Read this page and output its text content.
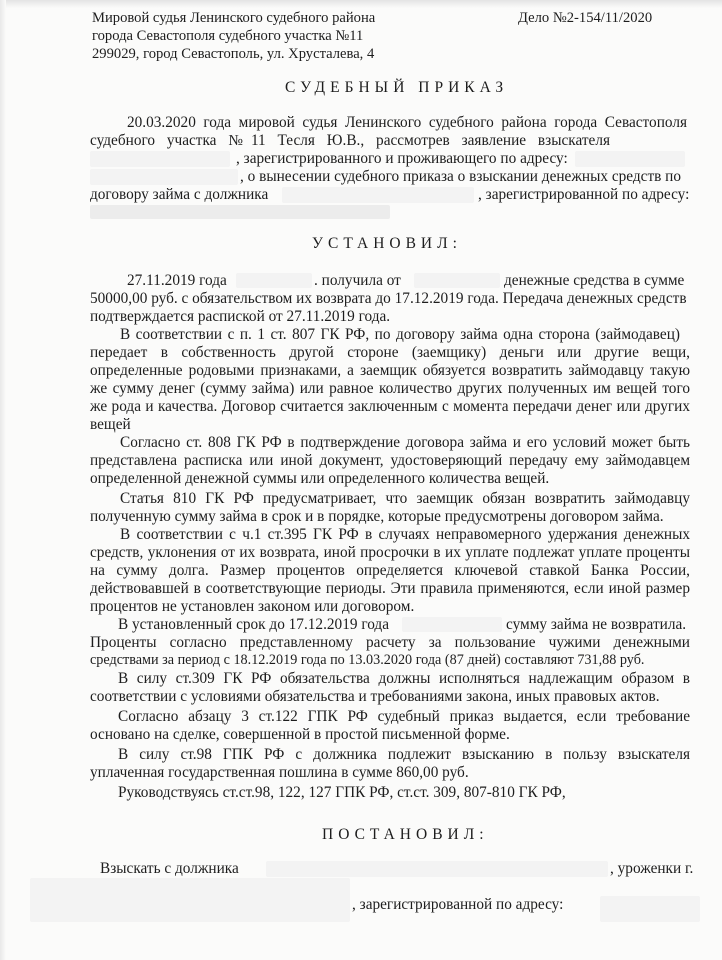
Мировой судья Ленинского судебного района
города Севастополя судебного участка №11
299029, город Севастополь, ул. Хрусталева, 4
Дело №2-154/11/2020
СУДЕБНЫЙ ПРИКАЗ
20.03.2020 года мировой судья Ленинского судебного района города Севастополя
судебного участка №11 Тесля Ю.В., рассмотрев заявление взыскателя
, зарегистрированного и проживающего по адресу:
, о вынесении судебного приказа о взыскании денежных средств по
договору займа с должника	, зарегистрированной по адресу:
УСТАНОВИЛ:
27.11.2019 года	. получила от	денежные средства в сумме
50000,00 руб. с обязательством их возврата до 17.12.2019 года. Передача денежных средств
подтверждается распиской от 27.11.2019 года.
В соответствии с п. 1 ст. 807 ГК РФ, по договору займа одна сторона (займодавец)
передает в собственность другой стороне (заемщику) деньги или другие вещи,
определенные родовыми признаками, а заемщик обязуется возвратить займодавцу такую
же сумму денег (сумму займа) или равное количество других полученных им вещей того
же рода и качества. Договор считается заключенным с момента передачи денег или других
вещей
Согласно ст. 808 ГК РФ в подтверждение договора займа и его условий может быть
представлена расписка или иной документ, удостоверяющий передачу ему займодавцем
определенной денежной суммы или определенного количества вещей.
Статья 810 ГК РФ предусматривает, что заемщик обязан возвратить займодавцу
полученную сумму займа в срок и в порядке, которые предусмотрены договором займа.
В соответствии с ч.1 ст.395 ГК РФ в случаях неправомерного удержания денежных
средств, уклонения от их возврата, иной просрочки в их уплате подлежат уплате проценты
на сумму долга. Размер процентов определяется ключевой ставкой Банка России,
действовавшей в соответствующие периоды. Эти правила применяются, если иной размер
процентов не установлен законом или договором.
В установленный срок до 17.12.2019 года	сумму займа не возвратила.
Проценты согласно представленному расчету за пользование чужими денежными
средствами за период с 18.12.2019 года по 13.03.2020 года (87 дней) составляют 731,88 руб.
В силу ст.309 ГК РФ обязательства должны исполняться надлежащим образом в
соответствии с условиями обязательства и требованиями закона, иных правовых актов.
Согласно абзацу 3 ст.122 ГПК РФ судебный приказ выдается, если требование
основано на сделке, совершенной в простой письменной форме.
В силу ст.98 ГПК РФ с должника подлежит взысканию в пользу взыскателя
уплаченная государственная пошлина в сумме 860,00 руб.
Руководствуясь ст.ст.98, 122, 127 ГПК РФ, ст.ст. 309, 807-810 ГК РФ,
ПОСТАНОВИЛ:
Взыскать с должника	, уроженки г.
, зарегистрированной по адресу:
